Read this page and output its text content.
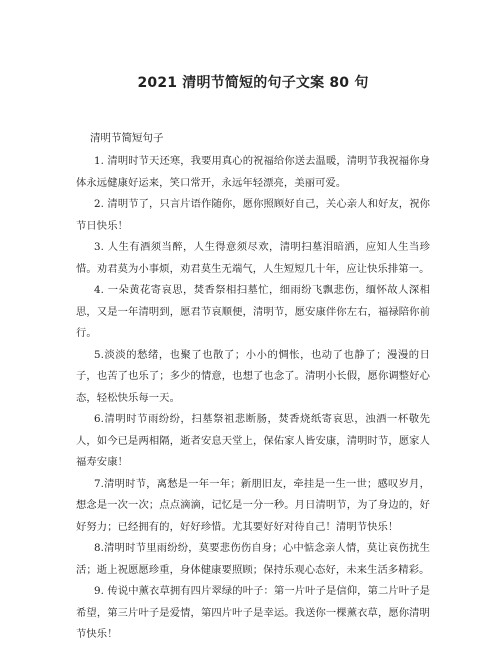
2021 清明节简短的句子文案 80 句
清明节简短句子

1. 清明时节天还寒，我要用真心的祝福给你送去温暖，清明节我祝福你身体永远健康好运来，笑口常开，永远年轻漂亮，美丽可爱。

2. 清明节了，只言片语作随你，愿你照顾好自己，关心亲人和好友，祝你节日快乐！

3. 人生有酒须当醉，人生得意须尽欢，清明扫墓泪暗洒，应知人生当珍惜。劝君莫为小事烦，劝君莫生无端气，人生短短几十年，应让快乐排第一。

4. 一朵黄花寄哀思，焚香祭相扫墓忙，细雨纷飞飘悲伤，缅怀故人深相思，又是一年清明到，愿君节哀顺便，清明节，愿安康伴你左右，福禄陪你前行。

5.淡淡的愁绪，也聚了也散了；小小的惆怅，也动了也静了；漫漫的日子，也苦了也乐了；多少的情意，也想了也念了。清明小长假，愿你调整好心态，轻松快乐每一天。

6.清明时节雨纷纷，扫墓祭祖悲断肠，焚香烧纸寄哀思，浊酒一杯敬先人，如今已是两相隔，逝者安息天堂上，保佑家人皆安康，清明时节，愿家人福寿安康！

7.清明时节，离愁是一年一年；新朋旧友，牵挂是一生一世；感叹岁月，想念是一次一次；点点滴滴，记忆是一分一秒。月日清明节，为了身边的，好好努力；已经拥有的，好好珍惜。尤其要好好对待自己！清明节快乐！

8.清明时节里雨纷纷，莫要悲伤伤自身；心中惦念亲人情，莫让哀伤扰生活；逝上祝愿愿珍重，身体健康要照顾；保持乐观心态好，未来生活多精彩。

9. 传说中薰衣草拥有四片翠绿的叶子：第一片叶子是信仰，第二片叶子是希望，第三片叶子是爱情，第四片叶子是幸运。我送你一棵薰衣草，愿你清明节快乐！
